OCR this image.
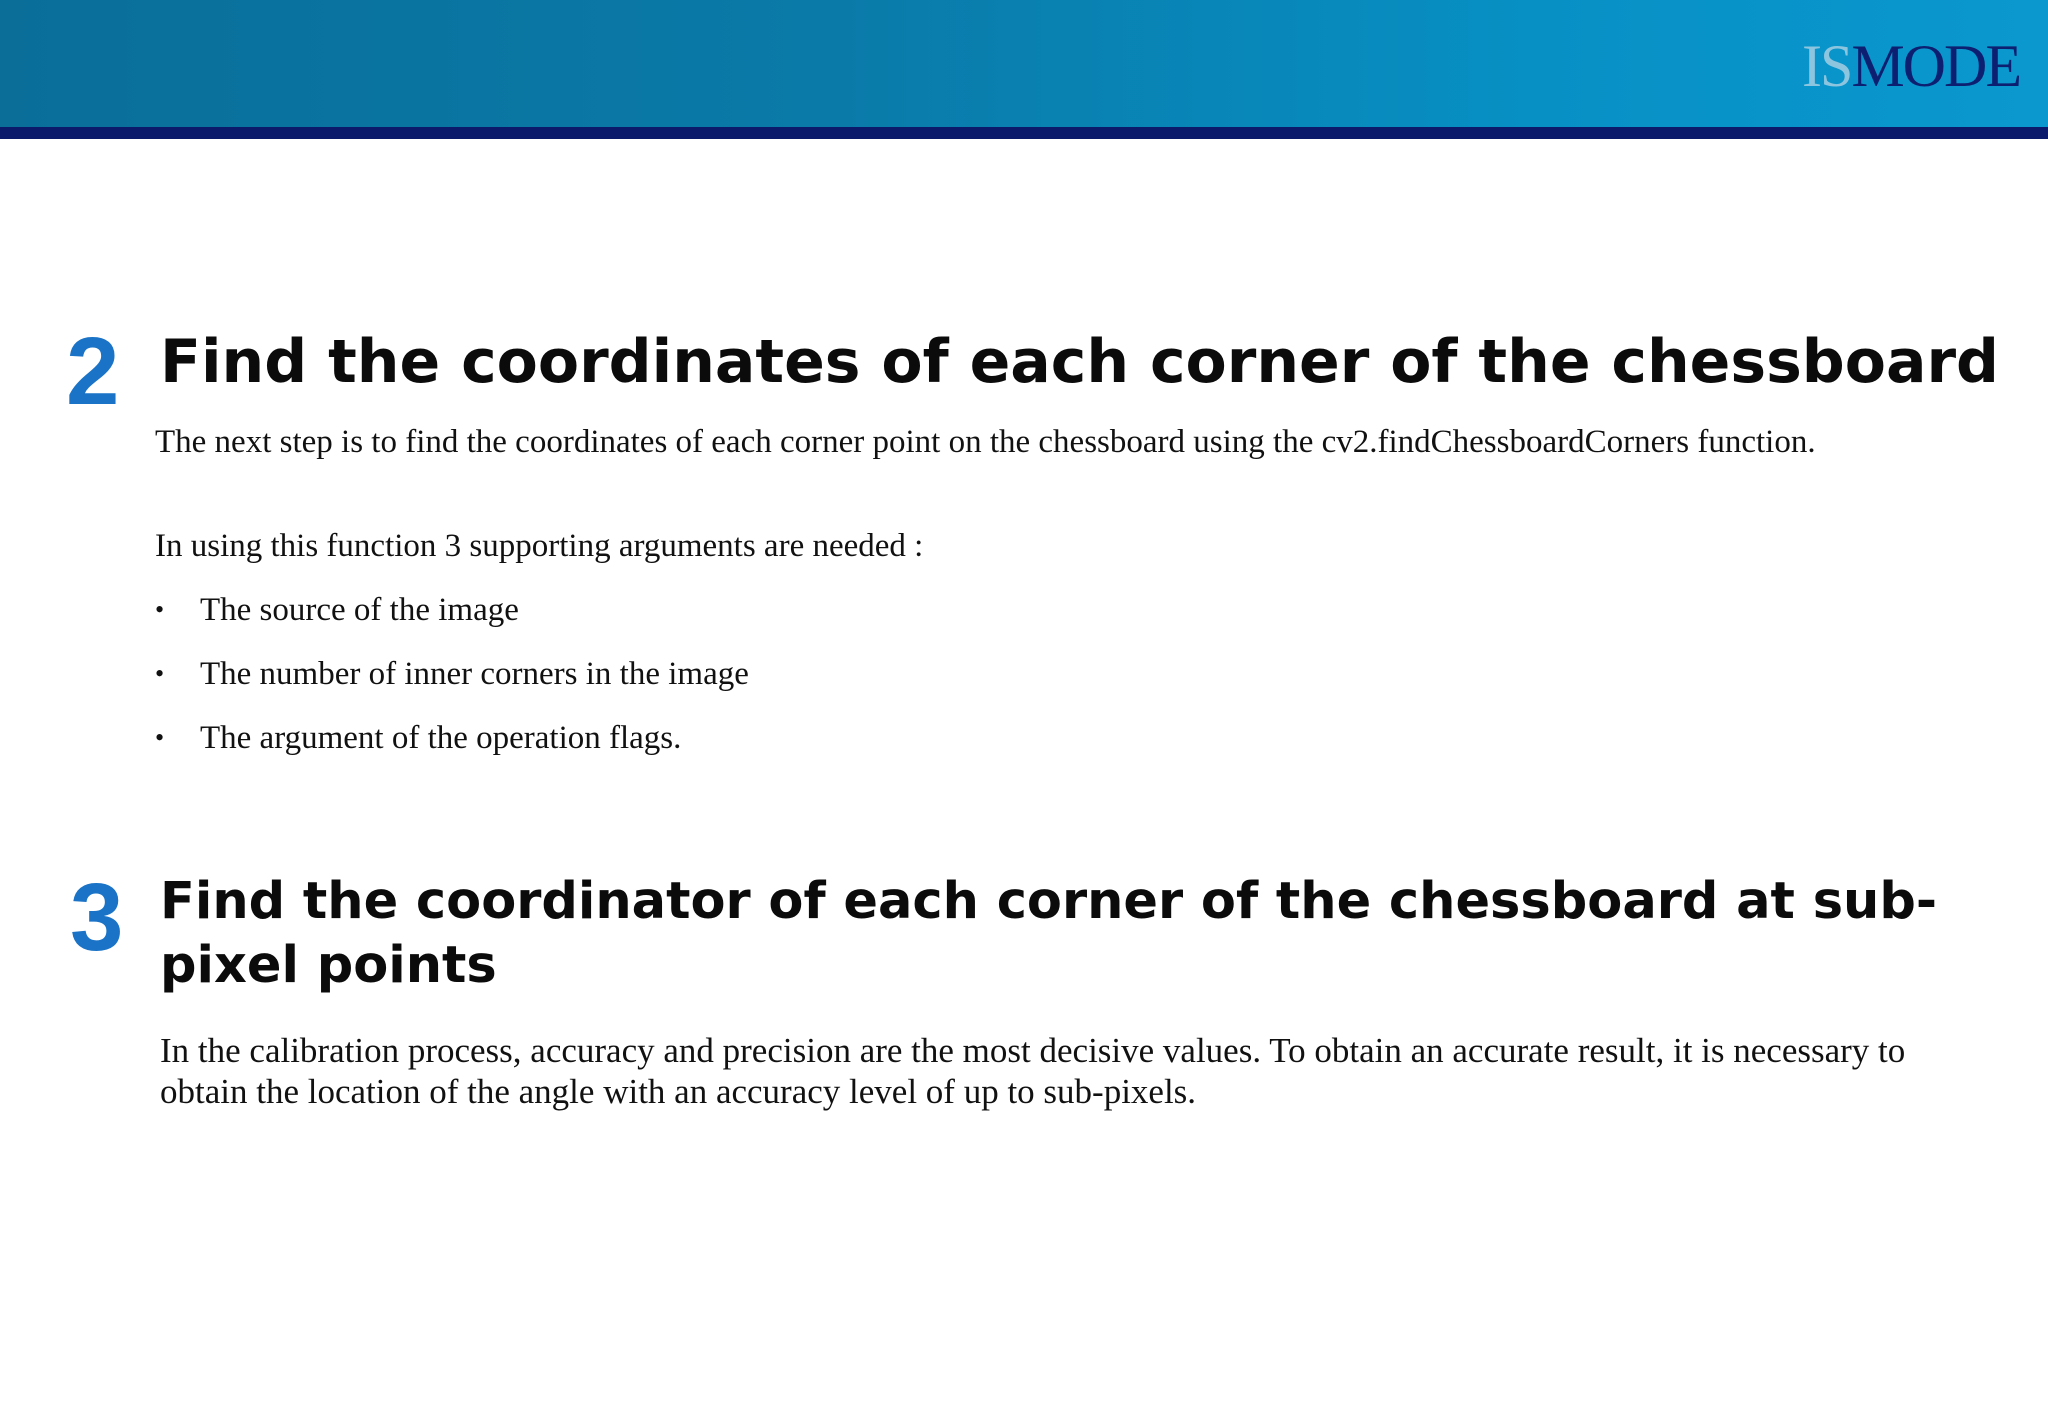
ISMODE
2 Find the coordinates of each corner of the chessboard

The next step is to find the coordinates of each corner point on the chessboard using the cv2.findChessboardCorners function.

In using this function 3 supporting arguments are needed :

• The source of the image
• The number of inner corners in the image
• The argument of the operation flags.
3 Find the coordinator of each corner of the chessboard at sub-pixel points

In the calibration process, accuracy and precision are the most decisive values. To obtain an accurate result, it is necessary to obtain the location of the angle with an accuracy level of up to sub-pixels.
